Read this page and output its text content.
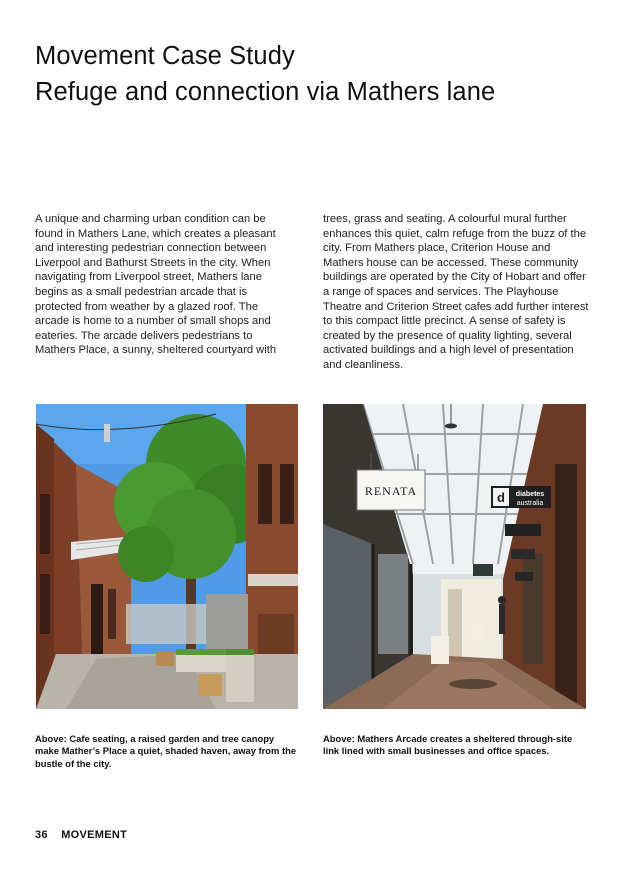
Movement Case Study
Refuge and connection via Mathers lane

A unique and charming urban condition can be found in Mathers Lane, which creates a pleasant and interesting pedestrian connection between Liverpool and Bathurst Streets in the city. When navigating from Liverpool street, Mathers lane begins as a small pedestrian arcade that is protected from weather by a glazed roof. The arcade is home to a number of small shops and eateries. The arcade delivers pedestrians to Mathers Place, a sunny, sheltered courtyard with

trees, grass and seating. A colourful mural further enhances this quiet, calm refuge from the buzz of the city. From Mathers place, Criterion House and Mathers house can be accessed. These community buildings are operated by the City of Hobart and offer a range of spaces and services. The Playhouse Theatre and Criterion Street cafes add further interest to this compact little precinct. A sense of safety is created by the presence of quality lighting, several activated buildings and a high level of presentation and cleanliness.

RENATA	d diabetes
australia

Above: Cafe seating, a raised garden and tree canopy make Mather’s Place a quiet, shaded haven, away from the bustle of the city.

Above: Mathers Arcade creates a sheltered through-site link lined with small businesses and office spaces.

36 MOVEMENT
